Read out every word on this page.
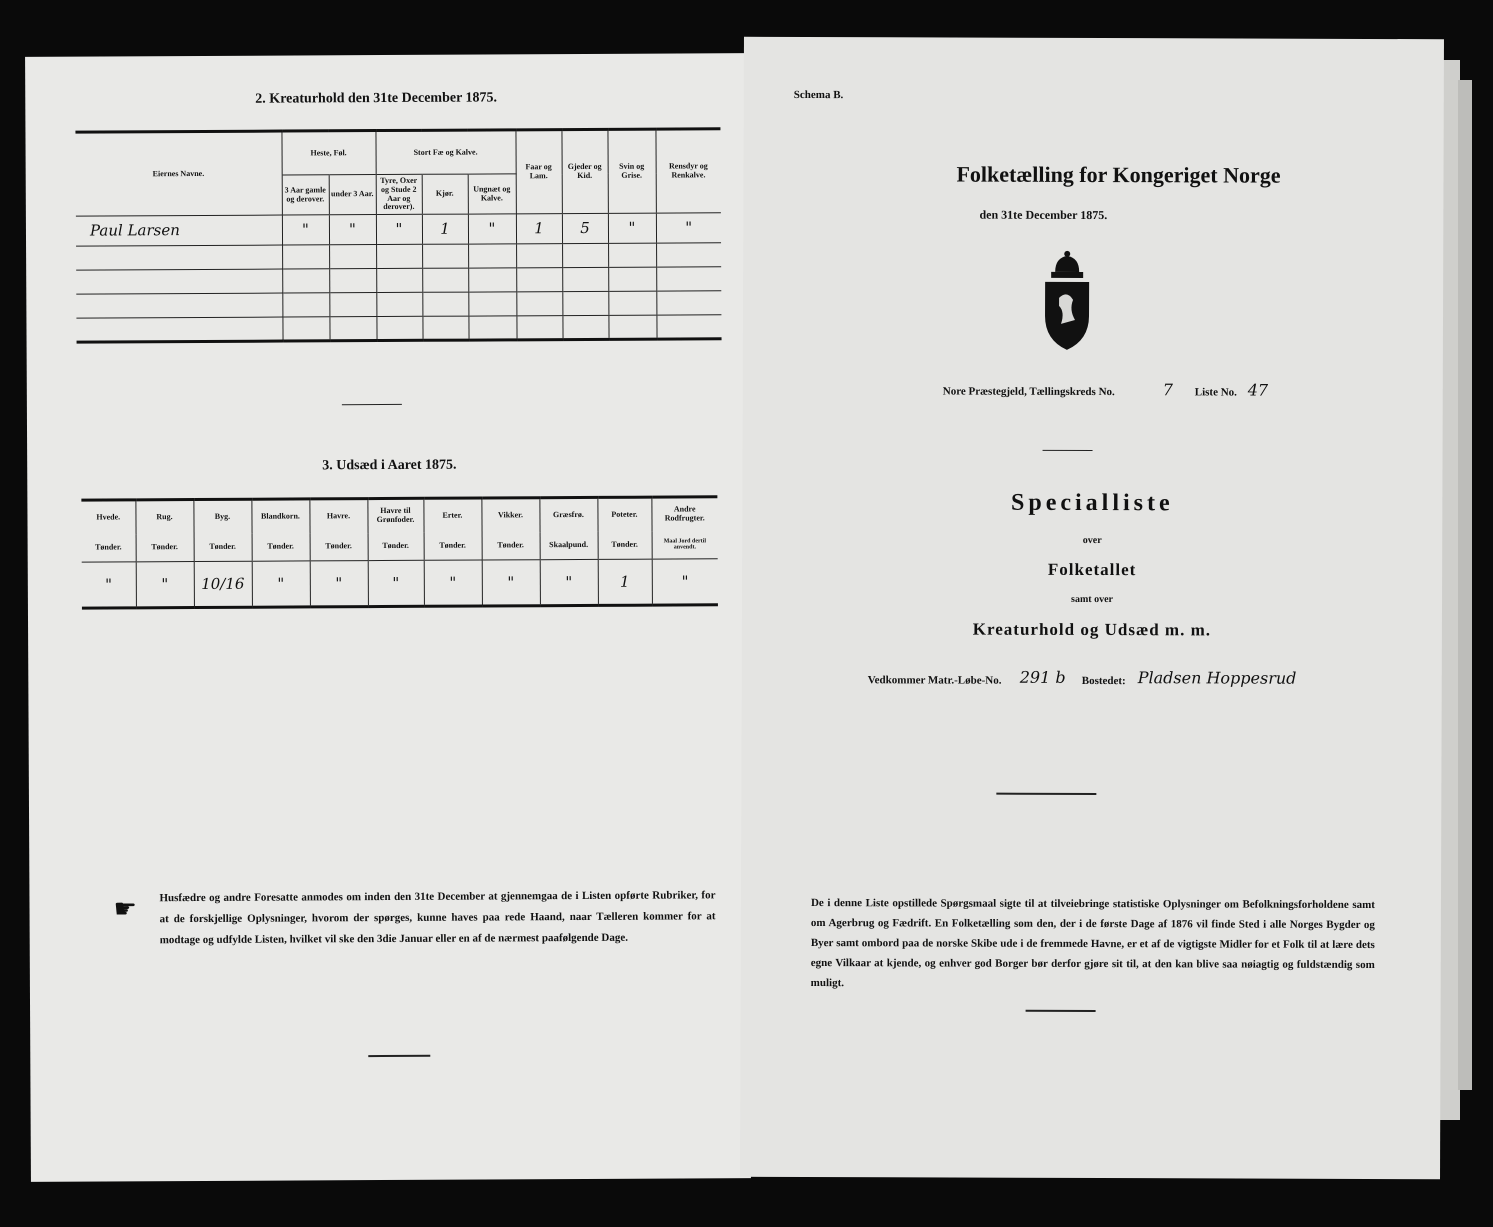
2. Kreaturhold den 31te December 1875.
Eiernes Navne.	Heste, Føl.		Stort Fæ og Kalve.			Faar og Lam.	Gjeder og Kid.	Svin og Grise.	Rensdyr og Renkalve.
	3 Aar gamle og derover.	under 3 Aar.	Tyre, Oxer og Stude 2 Aar og derover).	Kjør.	Ungnæt og Kalve.				
Paul Larsen	"	"	"	1	"	1	5	"	"

3. Udsæd i Aaret 1875.
Hvede.	Rug.	Byg.	Blandkorn.	Havre.	Havre til Grønfoder.	Erter.	Vikker.	Græsfrø.	Poteter.	Andre Rodfrugter.
Tønder.	Tønder.	Tønder.	Tønder.	Tønder.	Tønder.	Tønder.	Tønder.	Skaalpund.	Tønder.	Maal Jord dertil anvendt.
"	"	10/16	"	"	"	"	"	"	1	"
☛ Husfædre og andre Foresatte anmodes om inden den 31te December at gjennemgaa de i Listen opførte Rubriker, for at de forskjellige Oplysninger, hvorom der spørges, kunne haves paa rede Haand, naar Tælleren kommer for at modtage og udfylde Listen, hvilket vil ske den 3die Januar eller en af de nærmest paafølgende Dage.
Schema B.
Folketælling for Kongeriget Norge
den 31te December 1875.
Nore Præstegjeld, Tællingskreds No.	7 Liste No. 47
Specialliste
over
Folketallet
samt over
Kreaturhold og Udsæd m. m.
Vedkommer Matr.-Løbe-No. 291 b Bostedet: Pladsen Hoppesrud
De i denne Liste opstillede Spørgsmaal sigte til at tilveiebringe statistiske Oplysninger om Befolkningsforholdene samt om Agerbrug og Fædrift. En Folketælling som den, der i de første Dage af 1876 vil finde Sted i alle Norges Bygder og Byer samt ombord paa de norske Skibe ude i de fremmede Havne, er et af de vigtigste Midler for et Folk til at lære dets egne Vilkaar at kjende, og enhver god Borger bør derfor gjøre sit til, at den kan blive saa nøiagtig og fuldstændig som muligt.
